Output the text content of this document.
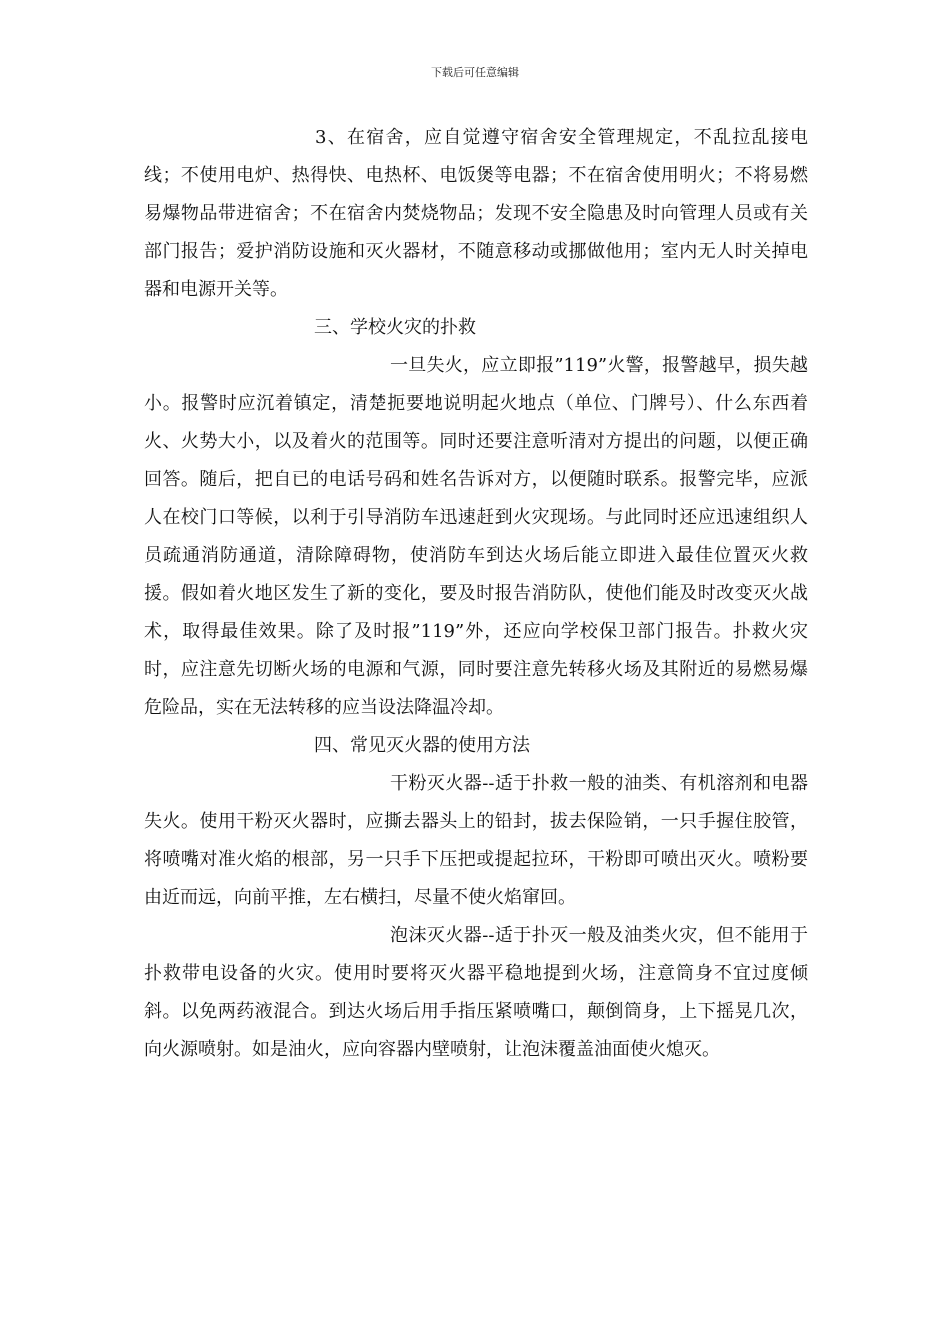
下载后可任意编辑

3、在宿舍，应自觉遵守宿舍安全管理规定，不乱拉乱接电线；不使用电炉、热得快、电热杯、电饭煲等电器；不在宿舍使用明火；不将易燃易爆物品带进宿舍；不在宿舍内焚烧物品；发现不安全隐患及时向管理人员或有关部门报告；爱护消防设施和灭火器材，不随意移动或挪做他用；室内无人时关掉电器和电源开关等。

三、学校火灾的扑救

一旦失火，应立即报”119”火警，报警越早，损失越小。报警时应沉着镇定，清楚扼要地说明起火地点（单位、门牌号）、什么东西着火、火势大小，以及着火的范围等。同时还要注意听清对方提出的问题，以便正确回答。随后，把自已的电话号码和姓名告诉对方，以便随时联系。报警完毕，应派人在校门口等候，以利于引导消防车迅速赶到火灾现场。与此同时还应迅速组织人员疏通消防通道，清除障碍物，使消防车到达火场后能立即进入最佳位置灭火救援。假如着火地区发生了新的变化，要及时报告消防队，使他们能及时改变灭火战术，取得最佳效果。除了及时报”119”外，还应向学校保卫部门报告。扑救火灾时，应注意先切断火场的电源和气源，同时要注意先转移火场及其附近的易燃易爆危险品，实在无法转移的应当设法降温冷却。

四、常见灭火器的使用方法

干粉灭火器--适于扑救一般的油类、有机溶剂和电器失火。使用干粉灭火器时，应撕去器头上的铅封，拔去保险销，一只手握住胶管，将喷嘴对准火焰的根部，另一只手下压把或提起拉环，干粉即可喷出灭火。喷粉要由近而远，向前平推，左右横扫，尽量不使火焰窜回。

泡沫灭火器--适于扑灭一般及油类火灾，但不能用于扑救带电设备的火灾。使用时要将灭火器平稳地提到火场，注意筒身不宜过度倾斜。以免两药液混合。到达火场后用手指压紧喷嘴口，颠倒筒身，上下摇晃几次，向火源喷射。如是油火，应向容器内壁喷射，让泡沫覆盖油面使火熄灭。
